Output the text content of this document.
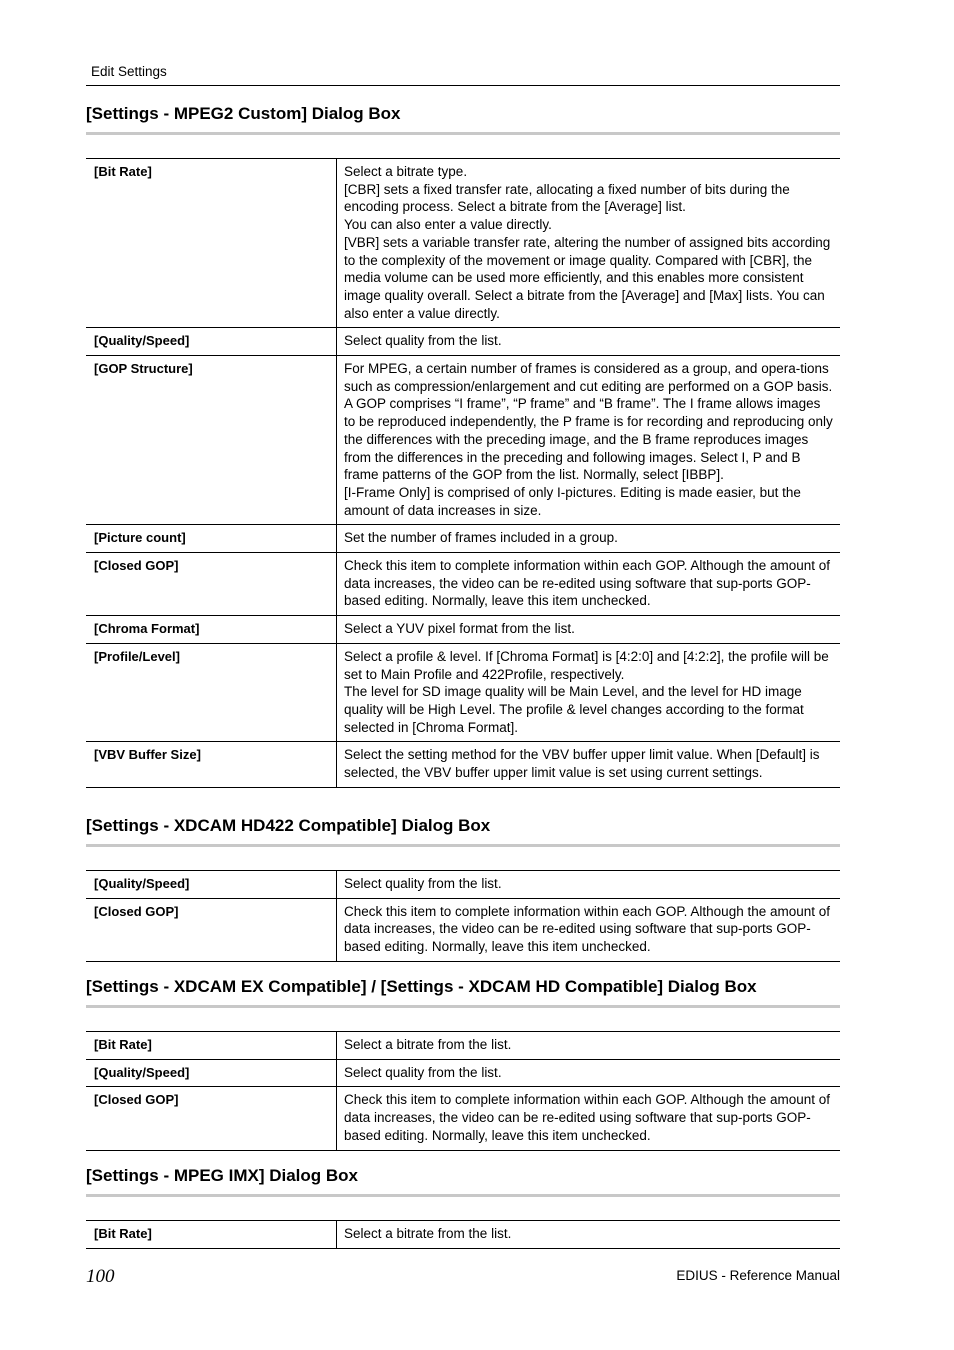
Edit Settings
[Settings - MPEG2 Custom] Dialog Box
[Bit Rate]	Select a bitrate type.
[CBR] sets a fixed transfer rate, allocating a fixed number of bits during the encoding process. Select a bitrate from the [Average] list.
You can also enter a value directly.
[VBR] sets a variable transfer rate, altering the number of assigned bits according to the complexity of the movement or image quality. Compared with [CBR], the media volume can be used more efficiently, and this enables more consistent image quality overall. Select a bitrate from the [Average] and [Max] lists. You can also enter a value directly.

[Quality/Speed]	Select quality from the list.

[GOP Structure]	For MPEG, a certain number of frames is considered as a group, and opera-tions such as compression/enlargement and cut editing are performed on a GOP basis. A GOP comprises “I frame”, “P frame” and “B frame”. The I frame allows images to be reproduced independently, the P frame is for recording and reproducing only the differences with the preceding image, and the B frame reproduces images from the differences in the preceding and following images. Select I, P and B frame patterns of the GOP from the list. Normally, select [IBBP].
[I-Frame Only] is comprised of only I-pictures. Editing is made easier, but the amount of data increases in size.

[Picture count]	Set the number of frames included in a group.

[Closed GOP]	Check this item to complete information within each GOP. Although the amount of data increases, the video can be re-edited using software that sup-ports GOP-based editing. Normally, leave this item unchecked.

[Chroma Format]	Select a YUV pixel format from the list.

[Profile/Level]	Select a profile & level. If [Chroma Format] is [4:2:0] and [4:2:2], the profile will be set to Main Profile and 422Profile, respectively.
The level for SD image quality will be Main Level, and the level for HD image quality will be High Level. The profile & level changes according to the format selected in [Chroma Format].

[VBV Buffer Size]	Select the setting method for the VBV buffer upper limit value. When [Default] is selected, the VBV buffer upper limit value is set using current settings.
[Settings - XDCAM HD422 Compatible] Dialog Box
[Quality/Speed]	Select quality from the list.

[Closed GOP]	Check this item to complete information within each GOP. Although the amount of data increases, the video can be re-edited using software that sup-ports GOP-based editing. Normally, leave this item unchecked.
[Settings - XDCAM EX Compatible] / [Settings - XDCAM HD Compatible] Dialog Box
[Bit Rate]	Select a bitrate from the list.

[Quality/Speed]	Select quality from the list.

[Closed GOP]	Check this item to complete information within each GOP. Although the amount of data increases, the video can be re-edited using software that sup-ports GOP-based editing. Normally, leave this item unchecked.
[Settings - MPEG IMX] Dialog Box
[Bit Rate]	Select a bitrate from the list.
100	EDIUS - Reference Manual
